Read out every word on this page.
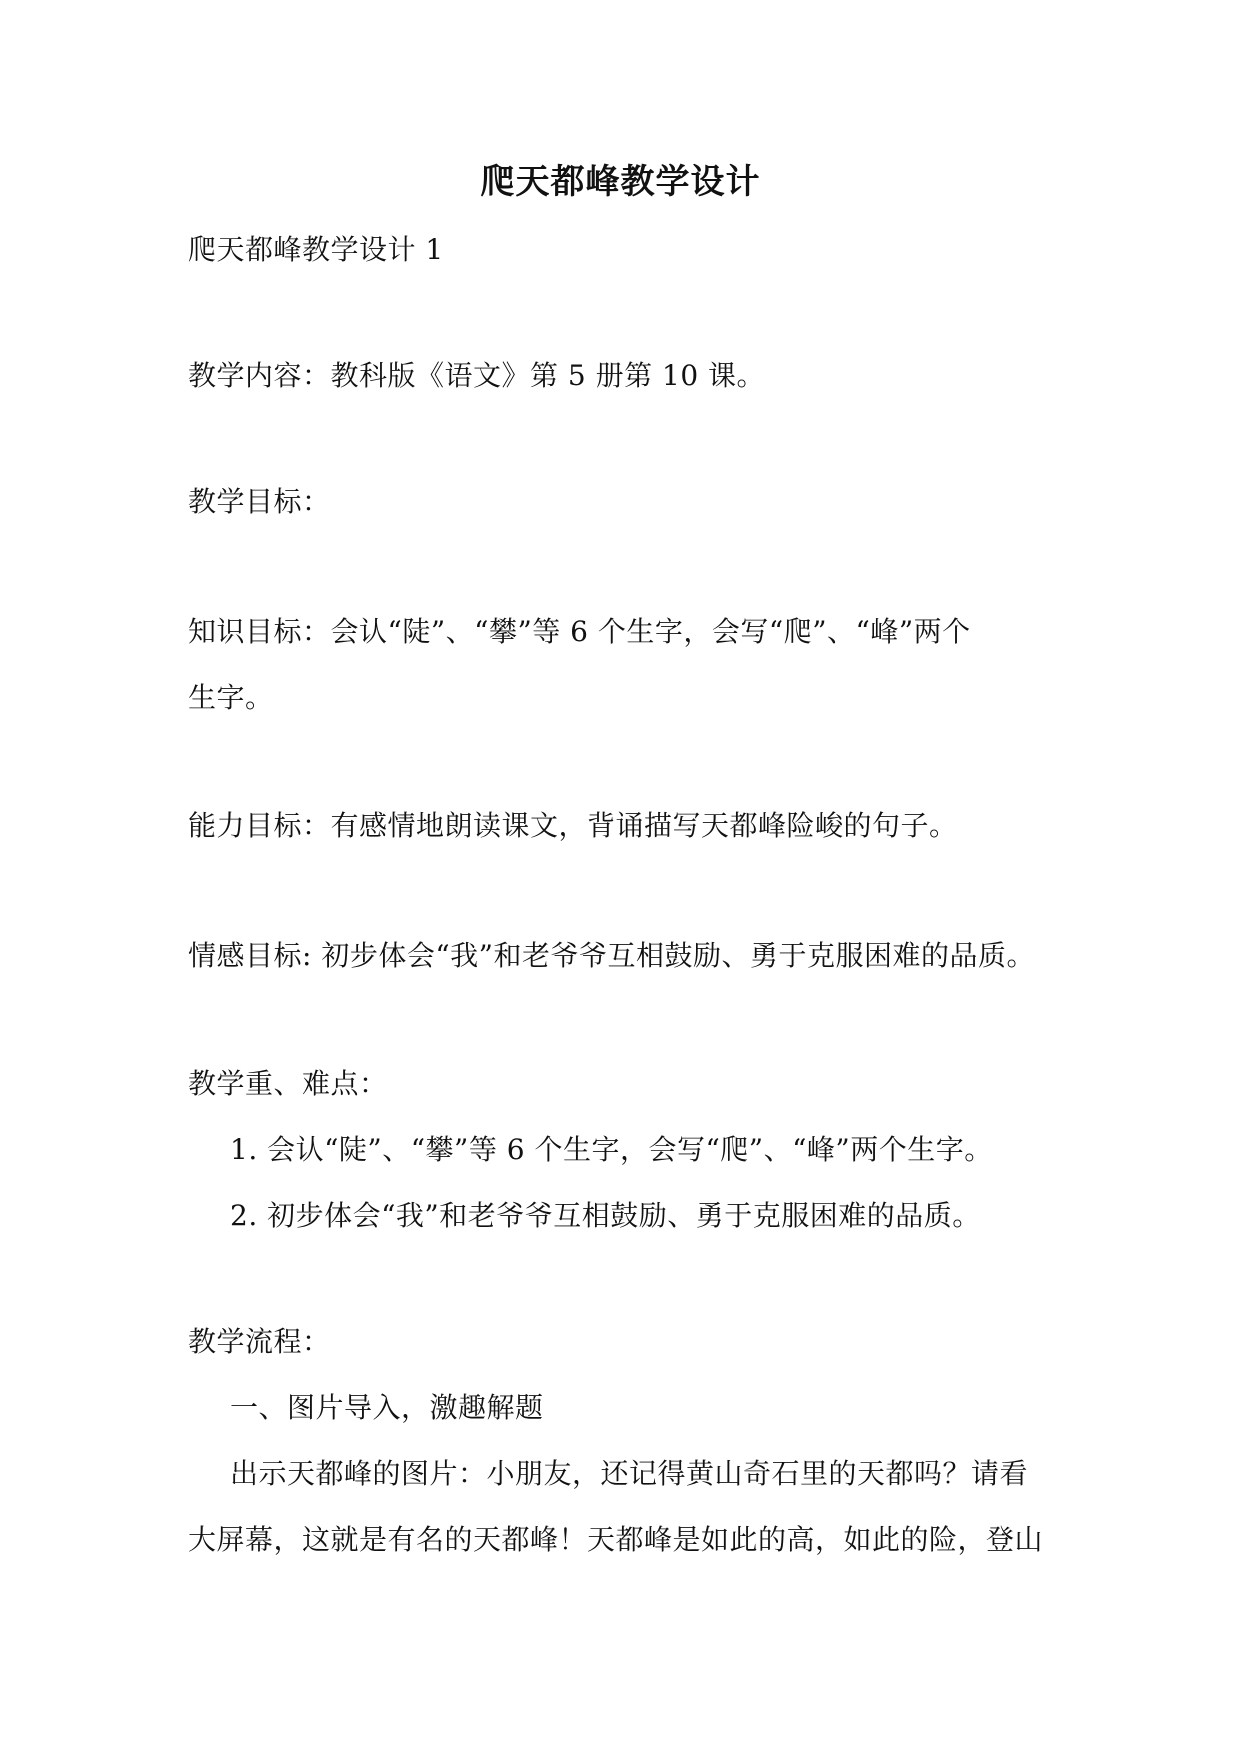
爬天都峰教学设计
爬天都峰教学设计 1
教学内容：教科版《语文》第 5 册第 10 课。
教学目标：
知识目标：会认“陡”、“攀”等 6 个生字，会写“爬”、“峰”两个
生字。
能力目标：有感情地朗读课文，背诵描写天都峰险峻的句子。
情感目标: 初步体会“我”和老爷爷互相鼓励、勇于克服困难的品质。
教学重、难点：
1. 会认“陡”、“攀”等 6 个生字，会写“爬”、“峰”两个生字。
2. 初步体会“我”和老爷爷互相鼓励、勇于克服困难的品质。
教学流程：
一、图片导入，激趣解题
出示天都峰的图片：小朋友，还记得黄山奇石里的天都吗？请看
大屏幕，这就是有名的天都峰！天都峰是如此的高，如此的险，登山
